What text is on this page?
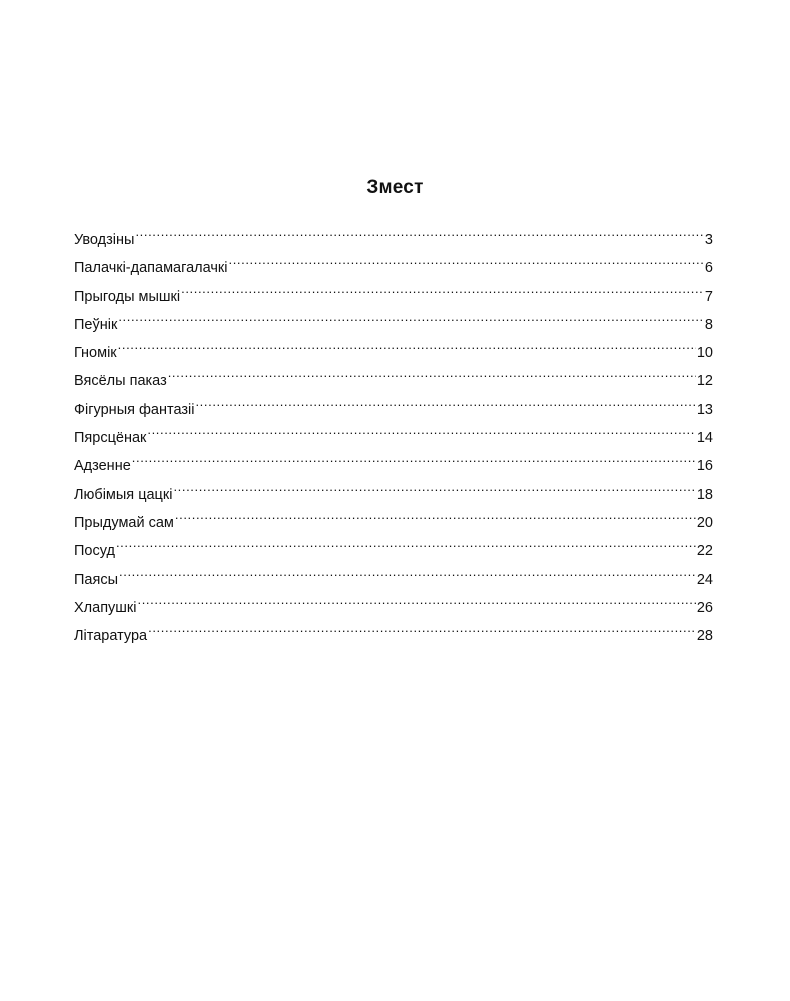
Змест
Уводзіны .....	3
Палачкі-дапамагалачкі .....	6
Прыгоды мышкі .....	7
Пеўнік .....	8
Гномік .....	10
Вясёлы паказ .....	12
Фігурныя фантазіі .....	13
Пярсцёнак .....	14
Адзенне .....	16
Любімыя цацкі .....	18
Прыдумай сам .....	20
Посуд .....	22
Паясы .....	24
Хлапушкі .....	26
Літаратура .....	28
